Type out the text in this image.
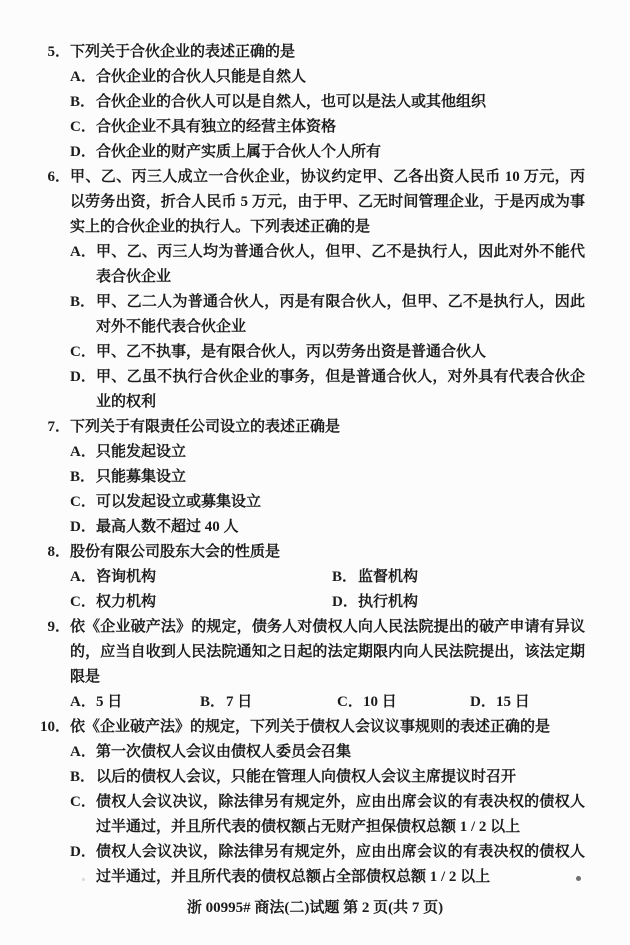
5． 下列关于合伙企业的表述正确的是
A． 合伙企业的合伙人只能是自然人
B． 合伙企业的合伙人可以是自然人，也可以是法人或其他组织
C． 合伙企业不具有独立的经营主体资格
D． 合伙企业的财产实质上属于合伙人个人所有
6． 甲、乙、丙三人成立一合伙企业，协议约定甲、乙各出资人民币 10 万元，丙以劳务出资，折合人民币 5 万元，由于甲、乙无时间管理企业，于是丙成为事实上的合伙企业的执行人。下列表述正确的是
A． 甲、乙、丙三人均为普通合伙人，但甲、乙不是执行人，因此对外不能代表合伙企业
B． 甲、乙二人为普通合伙人，丙是有限合伙人，但甲、乙不是执行人，因此对外不能代表合伙企业
C． 甲、乙不执事，是有限合伙人，丙以劳务出资是普通合伙人
D． 甲、乙虽不执行合伙企业的事务，但是普通合伙人，对外具有代表合伙企业的权利
7． 下列关于有限责任公司设立的表述正确是
A． 只能发起设立
B． 只能募集设立
C． 可以发起设立或募集设立
D． 最高人数不超过 40 人
8． 股份有限公司股东大会的性质是
A． 咨询机构	B． 监督机构
C． 权力机构	D． 执行机构
9． 依《企业破产法》的规定，债务人对债权人向人民法院提出的破产申请有异议的，应当自收到人民法院通知之日起的法定期限内向人民法院提出，该法定期限是
A． 5 日	B． 7 日	C． 10 日	D． 15 日
10． 依《企业破产法》的规定，下列关于债权人会议议事规则的表述正确的是
A． 第一次债权人会议由债权人委员会召集
B． 以后的债权人会议，只能在管理人向债权人会议主席提议时召开
C． 债权人会议决议，除法律另有规定外，应由出席会议的有表决权的债权人过半通过，并且所代表的债权额占无财产担保债权总额 1 / 2 以上
D． 债权人会议决议，除法律另有规定外，应由出席会议的有表决权的债权人过半通过，并且所代表的债权总额占全部债权总额 1 / 2 以上
浙 00995# 商法(二)试题 第 2 页(共 7 页)
